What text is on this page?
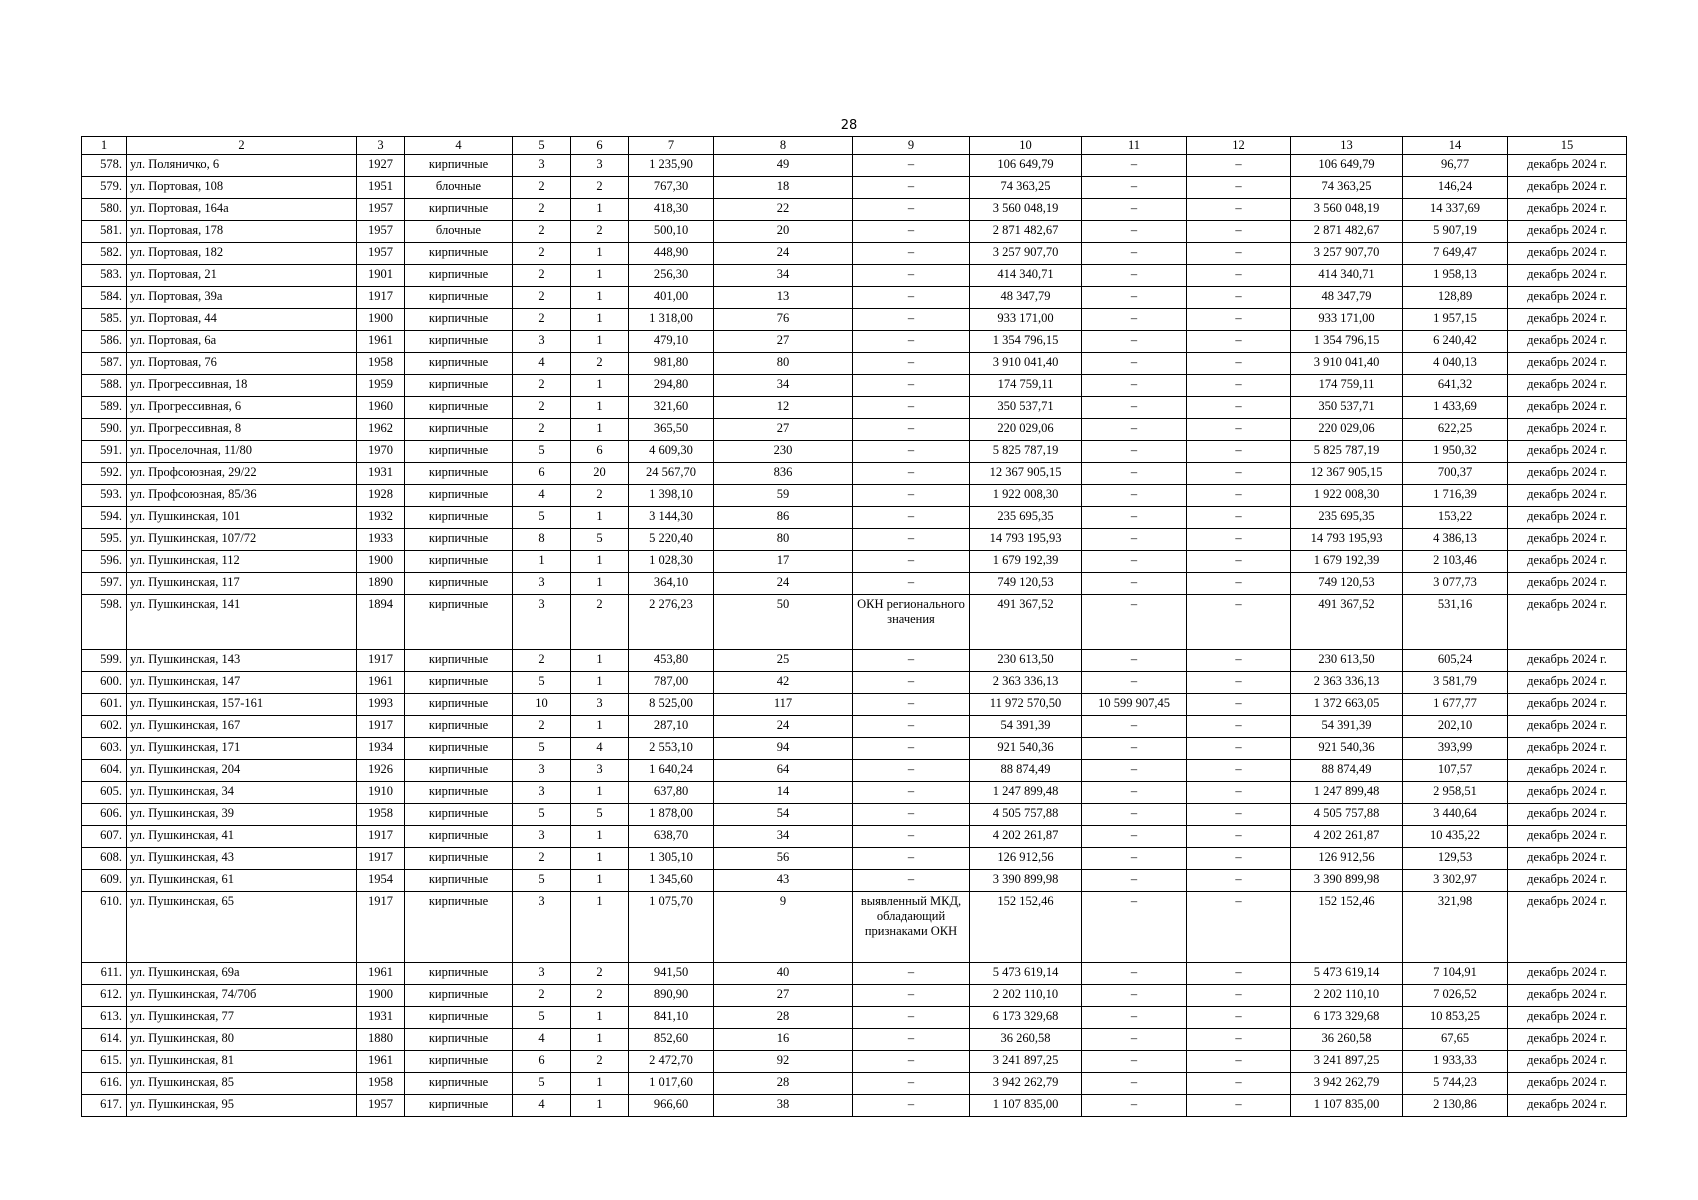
28
1	2	3	4	5	6	7	8	9	10	11	12	13	14	15
578.	ул. Поляничко, 6	1927	кирпичные	3	3	1 235,90	49	–	106 649,79	–	–	106 649,79	96,77	декабрь 2024 г.
579.	ул. Портовая, 108	1951	блочные	2	2	767,30	18	–	74 363,25	–	–	74 363,25	146,24	декабрь 2024 г.
580.	ул. Портовая, 164а	1957	кирпичные	2	1	418,30	22	–	3 560 048,19	–	–	3 560 048,19	14 337,69	декабрь 2024 г.
581.	ул. Портовая, 178	1957	блочные	2	2	500,10	20	–	2 871 482,67	–	–	2 871 482,67	5 907,19	декабрь 2024 г.
582.	ул. Портовая, 182	1957	кирпичные	2	1	448,90	24	–	3 257 907,70	–	–	3 257 907,70	7 649,47	декабрь 2024 г.
583.	ул. Портовая, 21	1901	кирпичные	2	1	256,30	34	–	414 340,71	–	–	414 340,71	1 958,13	декабрь 2024 г.
584.	ул. Портовая, 39а	1917	кирпичные	2	1	401,00	13	–	48 347,79	–	–	48 347,79	128,89	декабрь 2024 г.
585.	ул. Портовая, 44	1900	кирпичные	2	1	1 318,00	76	–	933 171,00	–	–	933 171,00	1 957,15	декабрь 2024 г.
586.	ул. Портовая, 6а	1961	кирпичные	3	1	479,10	27	–	1 354 796,15	–	–	1 354 796,15	6 240,42	декабрь 2024 г.
587.	ул. Портовая, 76	1958	кирпичные	4	2	981,80	80	–	3 910 041,40	–	–	3 910 041,40	4 040,13	декабрь 2024 г.
588.	ул. Прогрессивная, 18	1959	кирпичные	2	1	294,80	34	–	174 759,11	–	–	174 759,11	641,32	декабрь 2024 г.
589.	ул. Прогрессивная, 6	1960	кирпичные	2	1	321,60	12	–	350 537,71	–	–	350 537,71	1 433,69	декабрь 2024 г.
590.	ул. Прогрессивная, 8	1962	кирпичные	2	1	365,50	27	–	220 029,06	–	–	220 029,06	622,25	декабрь 2024 г.
591.	ул. Проселочная, 11/80	1970	кирпичные	5	6	4 609,30	230	–	5 825 787,19	–	–	5 825 787,19	1 950,32	декабрь 2024 г.
592.	ул. Профсоюзная, 29/22	1931	кирпичные	6	20	24 567,70	836	–	12 367 905,15	–	–	12 367 905,15	700,37	декабрь 2024 г.
593.	ул. Профсоюзная, 85/36	1928	кирпичные	4	2	1 398,10	59	–	1 922 008,30	–	–	1 922 008,30	1 716,39	декабрь 2024 г.
594.	ул. Пушкинская, 101	1932	кирпичные	5	1	3 144,30	86	–	235 695,35	–	–	235 695,35	153,22	декабрь 2024 г.
595.	ул. Пушкинская, 107/72	1933	кирпичные	8	5	5 220,40	80	–	14 793 195,93	–	–	14 793 195,93	4 386,13	декабрь 2024 г.
596.	ул. Пушкинская, 112	1900	кирпичные	1	1	1 028,30	17	–	1 679 192,39	–	–	1 679 192,39	2 103,46	декабрь 2024 г.
597.	ул. Пушкинская, 117	1890	кирпичные	3	1	364,10	24	–	749 120,53	–	–	749 120,53	3 077,73	декабрь 2024 г.
598.	ул. Пушкинская, 141	1894	кирпичные	3	2	2 276,23	50	ОКН регионального значения	491 367,52	–	–	491 367,52	531,16	декабрь 2024 г.
599.	ул. Пушкинская, 143	1917	кирпичные	2	1	453,80	25	–	230 613,50	–	–	230 613,50	605,24	декабрь 2024 г.
600.	ул. Пушкинская, 147	1961	кирпичные	5	1	787,00	42	–	2 363 336,13	–	–	2 363 336,13	3 581,79	декабрь 2024 г.
601.	ул. Пушкинская, 157-161	1993	кирпичные	10	3	8 525,00	117	–	11 972 570,50	10 599 907,45	–	1 372 663,05	1 677,77	декабрь 2024 г.
602.	ул. Пушкинская, 167	1917	кирпичные	2	1	287,10	24	–	54 391,39	–	–	54 391,39	202,10	декабрь 2024 г.
603.	ул. Пушкинская, 171	1934	кирпичные	5	4	2 553,10	94	–	921 540,36	–	–	921 540,36	393,99	декабрь 2024 г.
604.	ул. Пушкинская, 204	1926	кирпичные	3	3	1 640,24	64	–	88 874,49	–	–	88 874,49	107,57	декабрь 2024 г.
605.	ул. Пушкинская, 34	1910	кирпичные	3	1	637,80	14	–	1 247 899,48	–	–	1 247 899,48	2 958,51	декабрь 2024 г.
606.	ул. Пушкинская, 39	1958	кирпичные	5	5	1 878,00	54	–	4 505 757,88	–	–	4 505 757,88	3 440,64	декабрь 2024 г.
607.	ул. Пушкинская, 41	1917	кирпичные	3	1	638,70	34	–	4 202 261,87	–	–	4 202 261,87	10 435,22	декабрь 2024 г.
608.	ул. Пушкинская, 43	1917	кирпичные	2	1	1 305,10	56	–	126 912,56	–	–	126 912,56	129,53	декабрь 2024 г.
609.	ул. Пушкинская, 61	1954	кирпичные	5	1	1 345,60	43	–	3 390 899,98	–	–	3 390 899,98	3 302,97	декабрь 2024 г.
610.	ул. Пушкинская, 65	1917	кирпичные	3	1	1 075,70	9	выявленный МКД, обладающий признаками ОКН	152 152,46	–	–	152 152,46	321,98	декабрь 2024 г.
611.	ул. Пушкинская, 69а	1961	кирпичные	3	2	941,50	40	–	5 473 619,14	–	–	5 473 619,14	7 104,91	декабрь 2024 г.
612.	ул. Пушкинская, 74/70б	1900	кирпичные	2	2	890,90	27	–	2 202 110,10	–	–	2 202 110,10	7 026,52	декабрь 2024 г.
613.	ул. Пушкинская, 77	1931	кирпичные	5	1	841,10	28	–	6 173 329,68	–	–	6 173 329,68	10 853,25	декабрь 2024 г.
614.	ул. Пушкинская, 80	1880	кирпичные	4	1	852,60	16	–	36 260,58	–	–	36 260,58	67,65	декабрь 2024 г.
615.	ул. Пушкинская, 81	1961	кирпичные	6	2	2 472,70	92	–	3 241 897,25	–	–	3 241 897,25	1 933,33	декабрь 2024 г.
616.	ул. Пушкинская, 85	1958	кирпичные	5	1	1 017,60	28	–	3 942 262,79	–	–	3 942 262,79	5 744,23	декабрь 2024 г.
617.	ул. Пушкинская, 95	1957	кирпичные	4	1	966,60	38	–	1 107 835,00	–	–	1 107 835,00	2 130,86	декабрь 2024 г.
